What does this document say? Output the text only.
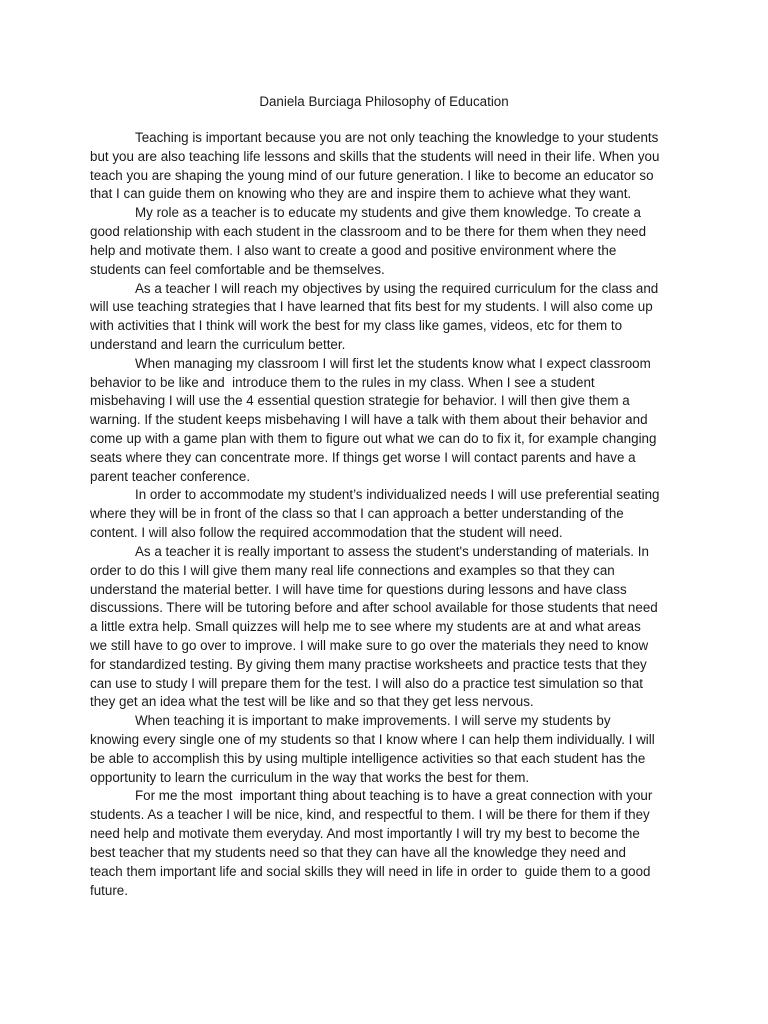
Daniela Burciaga Philosophy of Education
Teaching is important because you are not only teaching the knowledge to your students
but you are also teaching life lessons and skills that the students will need in their life. When you
teach you are shaping the young mind of our future generation. I like to become an educator so
that I can guide them on knowing who they are and inspire them to achieve what they want.
My role as a teacher is to educate my students and give them knowledge. To create a
good relationship with each student in the classroom and to be there for them when they need
help and motivate them. I also want to create a good and positive environment where the
students can feel comfortable and be themselves.
As a teacher I will reach my objectives by using the required curriculum for the class and
will use teaching strategies that I have learned that fits best for my students. I will also come up
with activities that I think will work the best for my class like games, videos, etc for them to
understand and learn the curriculum better.
When managing my classroom I will first let the students know what I expect classroom
behavior to be like and  introduce them to the rules in my class. When I see a student
misbehaving I will use the 4 essential question strategie for behavior. I will then give them a
warning. If the student keeps misbehaving I will have a talk with them about their behavior and
come up with a game plan with them to figure out what we can do to fix it, for example changing
seats where they can concentrate more. If things get worse I will contact parents and have a
parent teacher conference.
In order to accommodate my student’s individualized needs I will use preferential seating
where they will be in front of the class so that I can approach a better understanding of the
content. I will also follow the required accommodation that the student will need.
As a teacher it is really important to assess the student's understanding of materials. In
order to do this I will give them many real life connections and examples so that they can
understand the material better. I will have time for questions during lessons and have class
discussions. There will be tutoring before and after school available for those students that need
a little extra help. Small quizzes will help me to see where my students are at and what areas
we still have to go over to improve. I will make sure to go over the materials they need to know
for standardized testing. By giving them many practise worksheets and practice tests that they
can use to study I will prepare them for the test. I will also do a practice test simulation so that
they get an idea what the test will be like and so that they get less nervous.
When teaching it is important to make improvements. I will serve my students by
knowing every single one of my students so that I know where I can help them individually. I will
be able to accomplish this by using multiple intelligence activities so that each student has the
opportunity to learn the curriculum in the way that works the best for them.
For me the most  important thing about teaching is to have a great connection with your
students. As a teacher I will be nice, kind, and respectful to them. I will be there for them if they
need help and motivate them everyday. And most importantly I will try my best to become the
best teacher that my students need so that they can have all the knowledge they need and
teach them important life and social skills they will need in life in order to  guide them to a good
future.
